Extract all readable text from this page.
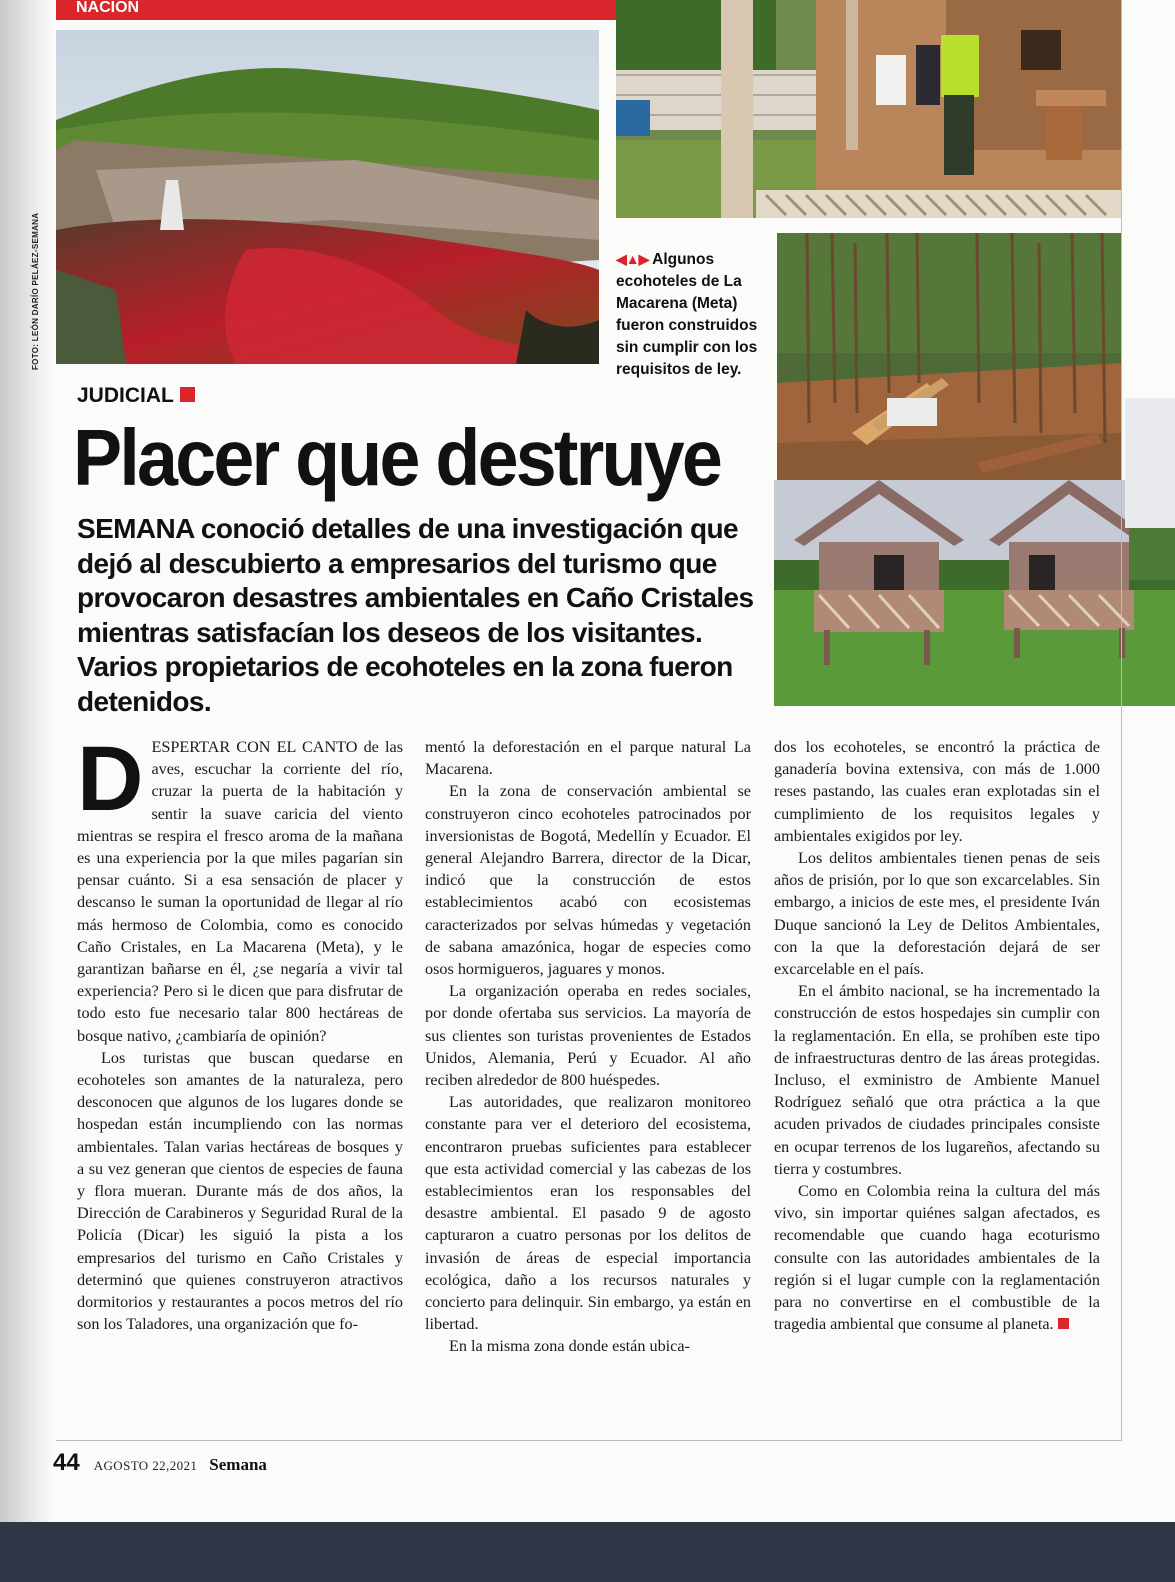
NACIÓN
FOTO: LEÓN DARÍO PELÁEZ-SEMANA	◀▲▶ Algunos ecohoteles de La Macarena (Meta) fueron construidos sin cumplir con los requisitos de ley.
JUDICIAL
Placer que destruye

SEMANA conoció detalles de una investigación que dejó al descubierto a empresarios del turismo que provocaron desastres ambientales en Caño Cristales mientras satisfacían los deseos de los visitantes. Varios propietarios de ecohoteles en la zona fueron detenidos.

D ESPERTAR CON EL CANTO de las aves, escuchar la corriente del río, cruzar la puerta de la habitación y sentir la suave caricia del viento mientras se respira el fresco aroma de la mañana es una experiencia por la que miles pagarían sin pensar cuánto. Si a esa sensación de placer y descanso le suman la oportunidad de llegar al río más hermoso de Colombia, como es conocido Caño Cristales, en La Macarena (Meta), y le garantizan bañarse en él, ¿se negaría a vivir tal experiencia? Pero si le dicen que para disfrutar de todo esto fue necesario talar 800 hectáreas de bosque nativo, ¿cambiaría de opinión?

Los turistas que buscan quedarse en ecohoteles son amantes de la naturaleza, pero desconocen que algunos de los lugares donde se hospedan están incumpliendo con las normas ambientales. Talan varias hectáreas de bosques y a su vez generan que cientos de especies de fauna y flora mueran. Durante más de dos años, la Dirección de Carabineros y Seguridad Rural de la Policía (Dicar) les siguió la pista a los empresarios del turismo en Caño Cristales y determinó que quienes construyeron atractivos dormitorios y restaurantes a pocos metros del río son los Taladores, una organización que fo-

mentó la deforestación en el parque natural La Macarena.

En la zona de conservación ambiental se construyeron cinco ecohoteles patrocinados por inversionistas de Bogotá, Medellín y Ecuador. El general Alejandro Barrera, director de la Dicar, indicó que la construcción de estos establecimientos acabó con ecosistemas caracterizados por selvas húmedas y vegetación de sabana amazónica, hogar de especies como osos hormigueros, jaguares y monos.

La organización operaba en redes sociales, por donde ofertaba sus servicios. La mayoría de sus clientes son turistas provenientes de Estados Unidos, Alemania, Perú y Ecuador. Al año reciben alrededor de 800 huéspedes.

Las autoridades, que realizaron monitoreo constante para ver el deterioro del ecosistema, encontraron pruebas suficientes para establecer que esta actividad comercial y las cabezas de los establecimientos eran los responsables del desastre ambiental. El pasado 9 de agosto capturaron a cuatro personas por los delitos de invasión de áreas de especial importancia ecológica, daño a los recursos naturales y concierto para delinquir. Sin embargo, ya están en libertad.

En la misma zona donde están ubica-

dos los ecohoteles, se encontró la práctica de ganadería bovina extensiva, con más de 1.000 reses pastando, las cuales eran explotadas sin el cumplimiento de los requisitos legales y ambientales exigidos por ley.

Los delitos ambientales tienen penas de seis años de prisión, por lo que son excarcelables. Sin embargo, a inicios de este mes, el presidente Iván Duque sancionó la Ley de Delitos Ambientales, con la que la deforestación dejará de ser excarcelable en el país.

En el ámbito nacional, se ha incrementado la construcción de estos hospedajes sin cumplir con la reglamentación. En ella, se prohíben este tipo de infraestructuras dentro de las áreas protegidas. Incluso, el exministro de Ambiente Manuel Rodríguez señaló que otra práctica a la que acuden privados de ciudades principales consiste en ocupar terrenos de los lugareños, afectando su tierra y costumbres.

Como en Colombia reina la cultura del más vivo, sin importar quiénes salgan afectados, es recomendable que cuando haga ecoturismo consulte con las autoridades ambientales de la región si el lugar cumple con la reglamentación para no convertirse en el combustible de la tragedia ambiental que consume al planeta.

44 AGOSTO 22,2021 Semana
